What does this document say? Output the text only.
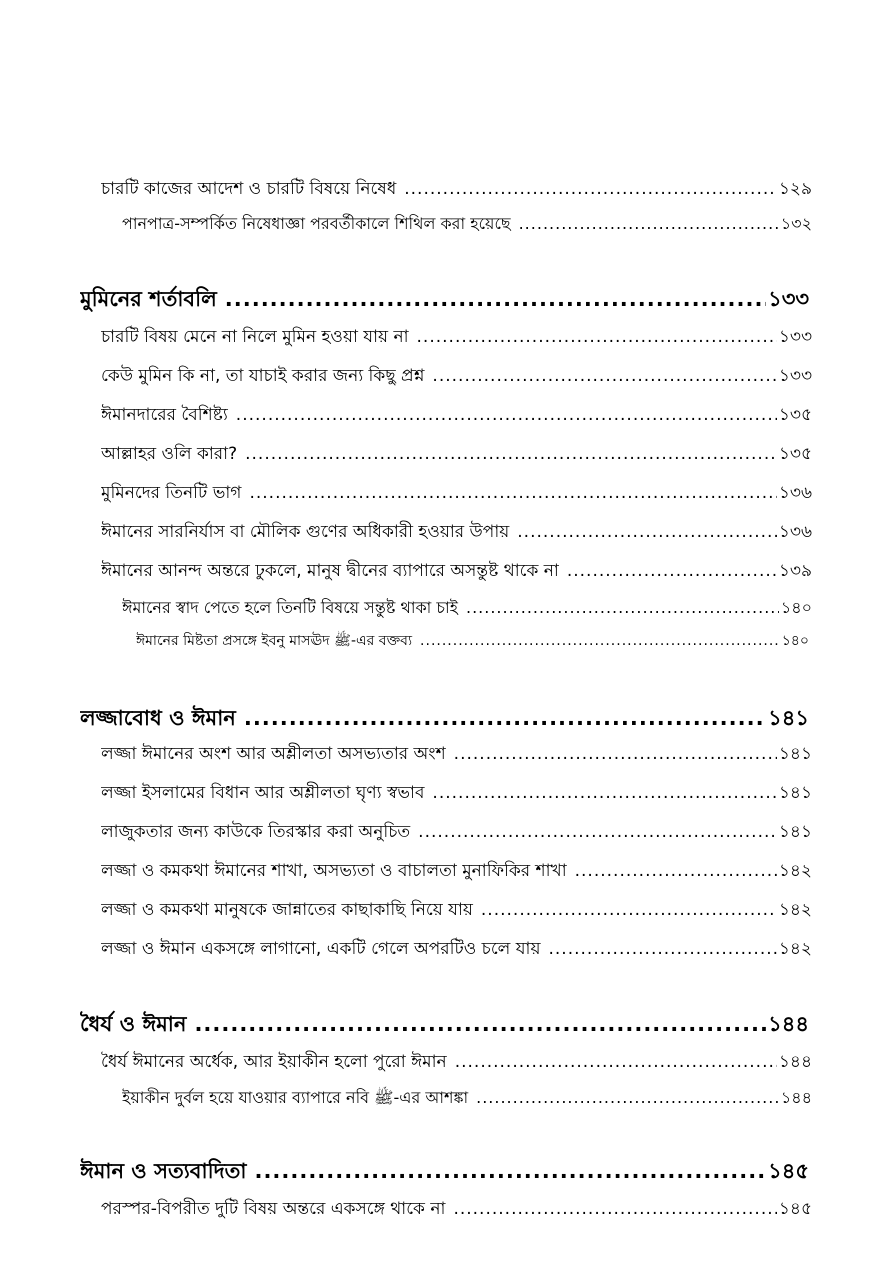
চারটি কাজের আদেশ ও চারটি বিষয়ে নিষেধ .....	১২৯
পানপাত্র-সম্পর্কিত নিষেধাজ্ঞা পরবর্তীকালে শিথিল করা হয়েছে .....	১৩২
মুমিনের শর্তাবলি .....	১৩৩
চারটি বিষয় মেনে না নিলে মুমিন হওয়া যায় না .....	১৩৩
কেউ মুমিন কি না, তা যাচাই করার জন্য কিছু প্রশ্ন .....	১৩৩
ঈমানদারের বৈশিষ্ট্য .....	১৩৫
আল্লাহর ওলি কারা? .....	১৩৫
মুমিনদের তিনটি ভাগ .....	১৩৬
ঈমানের সারনির্যাস বা মৌলিক গুণের অধিকারী হওয়ার উপায় .....	১৩৬
ঈমানের আনন্দ অন্তরে ঢুকলে, মানুষ দ্বীনের ব্যাপারে অসন্তুষ্ট থাকে না .....	১৩৯
ঈমানের স্বাদ পেতে হলে তিনটি বিষয়ে সন্তুষ্ট থাকা চাই .....	১৪০
ঈমানের মিষ্টতা প্রসঙ্গে ইবনু মাসঊদ ﷺ-এর বক্তব্য .....	১৪০
লজ্জাবোধ ও ঈমান .....	১৪১
লজ্জা ঈমানের অংশ আর অশ্লীলতা অসভ্যতার অংশ .....	১৪১
লজ্জা ইসলামের বিধান আর অশ্লীলতা ঘৃণ্য স্বভাব .....	১৪১
লাজুকতার জন্য কাউকে তিরস্কার করা অনুচিত .....	১৪১
লজ্জা ও কমকথা ঈমানের শাখা, অসভ্যতা ও বাচালতা মুনাফিকির শাখা .....	১৪২
লজ্জা ও কমকথা মানুষকে জান্নাতের কাছাকাছি নিয়ে যায় .....	১৪২
লজ্জা ও ঈমান একসঙ্গে লাগানো, একটি গেলে অপরটিও চলে যায় .....	১৪২
ধৈর্য ও ঈমান .....	১৪৪
ধৈর্য ঈমানের অর্ধেক, আর ইয়াকীন হলো পুরো ঈমান .....	১৪৪
ইয়াকীন দুর্বল হয়ে যাওয়ার ব্যাপারে নবি ﷺ-এর আশঙ্কা .....	১৪৪
ঈমান ও সত্যবাদিতা .....	১৪৫
পরস্পর-বিপরীত দুটি বিষয় অন্তরে একসঙ্গে থাকে না .....	১৪৫
